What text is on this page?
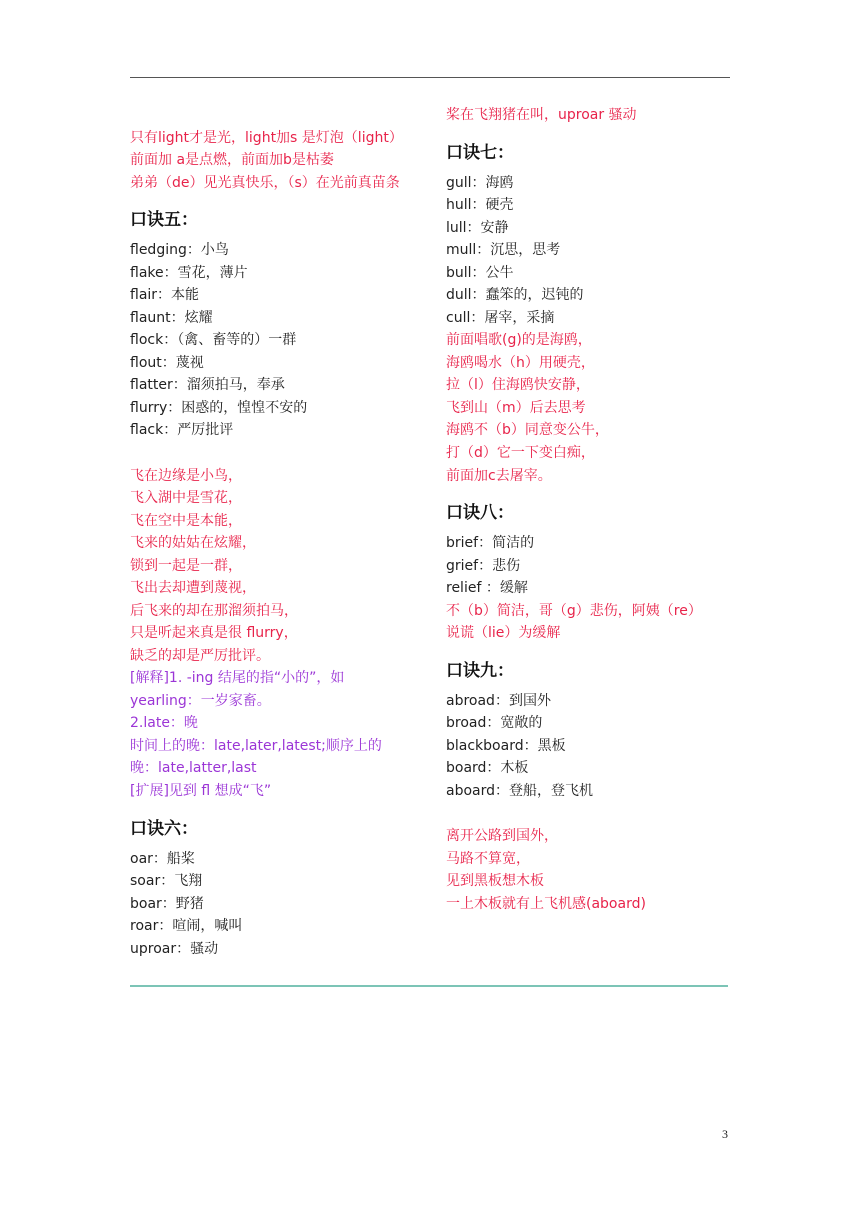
只有light才是光，light加s 是灯泡（light）
前面加 a是点燃，前面加b是枯萎
弟弟（de）见光真快乐，（s）在光前真苗条
口诀五：
fledging：小鸟
flake：雪花，薄片
flair：本能
flaunt：炫耀
flock：（禽、畜等的）一群
flout：蔑视
flatter：溜须拍马，奉承
flurry：困惑的，惶惶不安的
flack：严厉批评
飞在边缘是小鸟，
飞入湖中是雪花，
飞在空中是本能，
飞来的姑姑在炫耀，
锁到一起是一群，
飞出去却遭到蔑视，
后飞来的却在那溜须拍马，
只是听起来真是很 flurry，
缺乏的却是严厉批评。
[解释]1. -ing 结尾的指“小的”，如
yearling：一岁家畜。
2.late：晚
时间上的晚：late,later,latest;顺序上的
晚：late,latter,last
[扩展]见到 fl 想成“飞”
口诀六：
oar：船桨
soar：飞翔
boar：野猪
roar：喧闹，喊叫
uproar：骚动
桨在飞翔猪在叫，uproar 骚动
口诀七：
gull：海鸥
hull：硬壳
lull：安静
mull：沉思，思考
bull：公牛
dull：蠢笨的，迟钝的
cull：屠宰，采摘
前面唱歌(g)的是海鸥，
海鸥喝水（h）用硬壳，
拉（l）住海鸥快安静，
飞到山（m）后去思考
海鸥不（b）同意变公牛，
打（d）它一下变白痴，
前面加c去屠宰。
口诀八：
brief：简洁的
grief：悲伤
relief ：缓解
不（b）简洁，哥（g）悲伤，阿姨（re）
说谎（lie）为缓解
口诀九：
abroad：到国外
broad：宽敞的
blackboard：黑板
board：木板
aboard：登船，登飞机
离开公路到国外，
马路不算宽，
见到黑板想木板
一上木板就有上飞机感(aboard)
3
